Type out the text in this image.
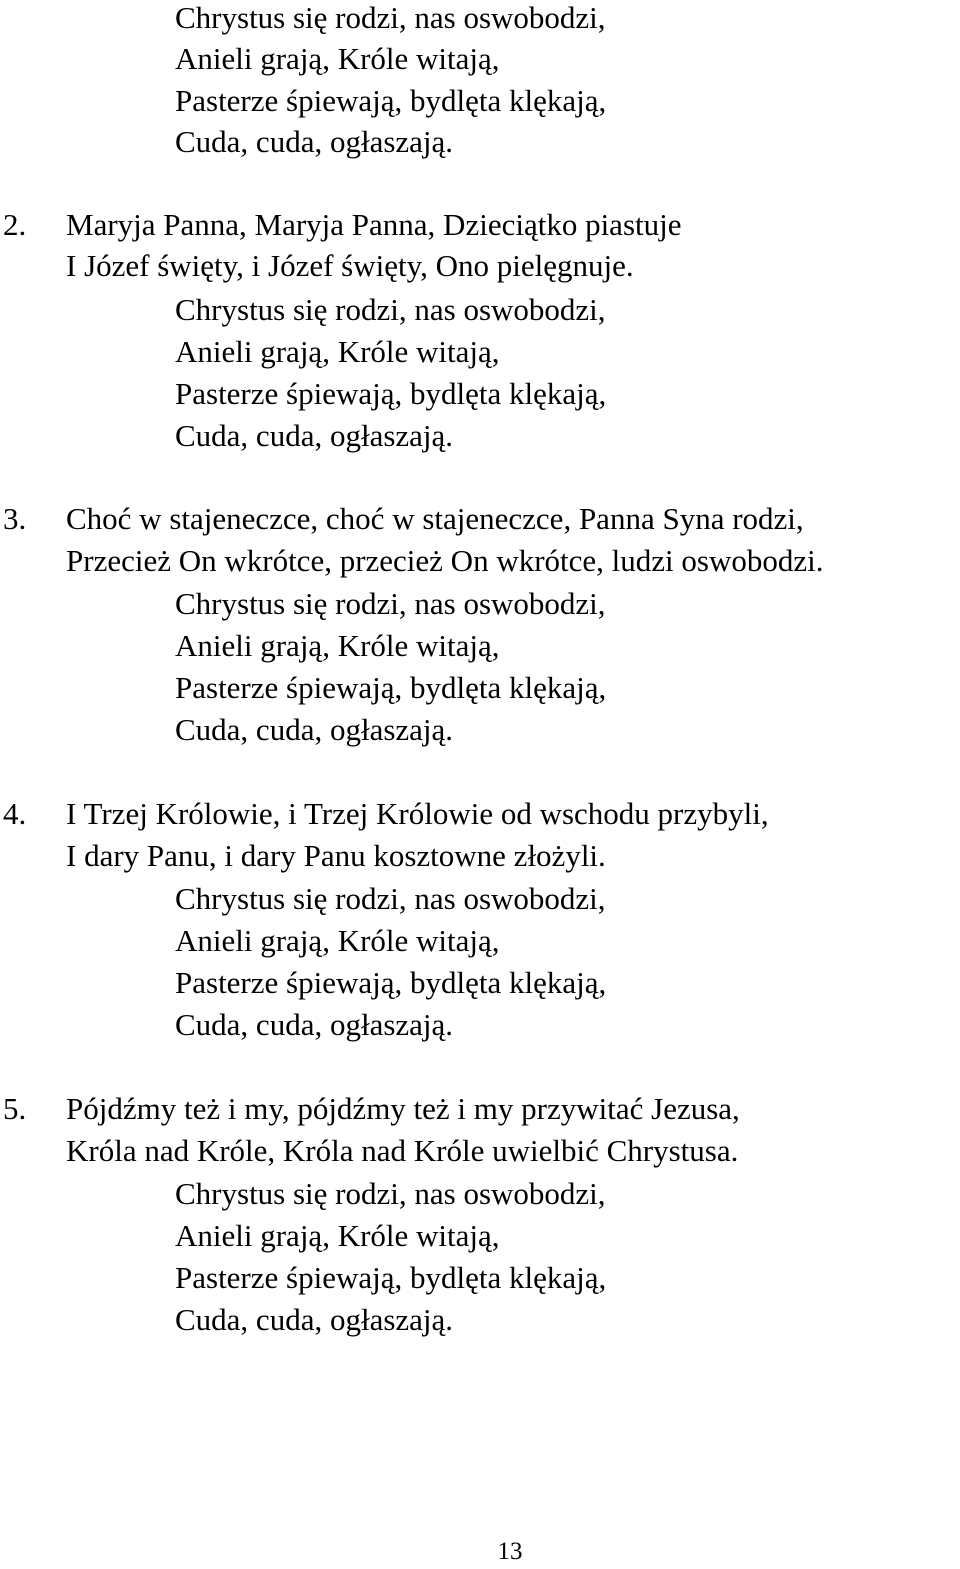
Chrystus się rodzi, nas oswobodzi,
Anieli grają, Króle witają,
Pasterze śpiewają, bydlęta klękają,
Cuda, cuda, ogłaszają.
2. Maryja Panna, Maryja Panna, Dzieciątko piastuje
I Józef święty, i Józef święty, Ono pielęgnuje.
Chrystus się rodzi, nas oswobodzi,
Anieli grają, Króle witają,
Pasterze śpiewają, bydlęta klękają,
Cuda, cuda, ogłaszają.
3. Choć w stajeneczce, choć w stajeneczce, Panna Syna rodzi,
Przecież On wkrótce, przecież On wkrótce, ludzi oswobodzi.
Chrystus się rodzi, nas oswobodzi,
Anieli grają, Króle witają,
Pasterze śpiewają, bydlęta klękają,
Cuda, cuda, ogłaszają.
4. I Trzej Królowie, i Trzej Królowie od wschodu przybyli,
I dary Panu, i dary Panu kosztowne złożyli.
Chrystus się rodzi, nas oswobodzi,
Anieli grają, Króle witają,
Pasterze śpiewają, bydlęta klękają,
Cuda, cuda, ogłaszają.
5. Pójdźmy też i my, pójdźmy też i my przywitać Jezusa,
Króla nad Króle, Króla nad Króle uwielbić Chrystusa.
Chrystus się rodzi, nas oswobodzi,
Anieli grają, Króle witają,
Pasterze śpiewają, bydlęta klękają,
Cuda, cuda, ogłaszają.
13
